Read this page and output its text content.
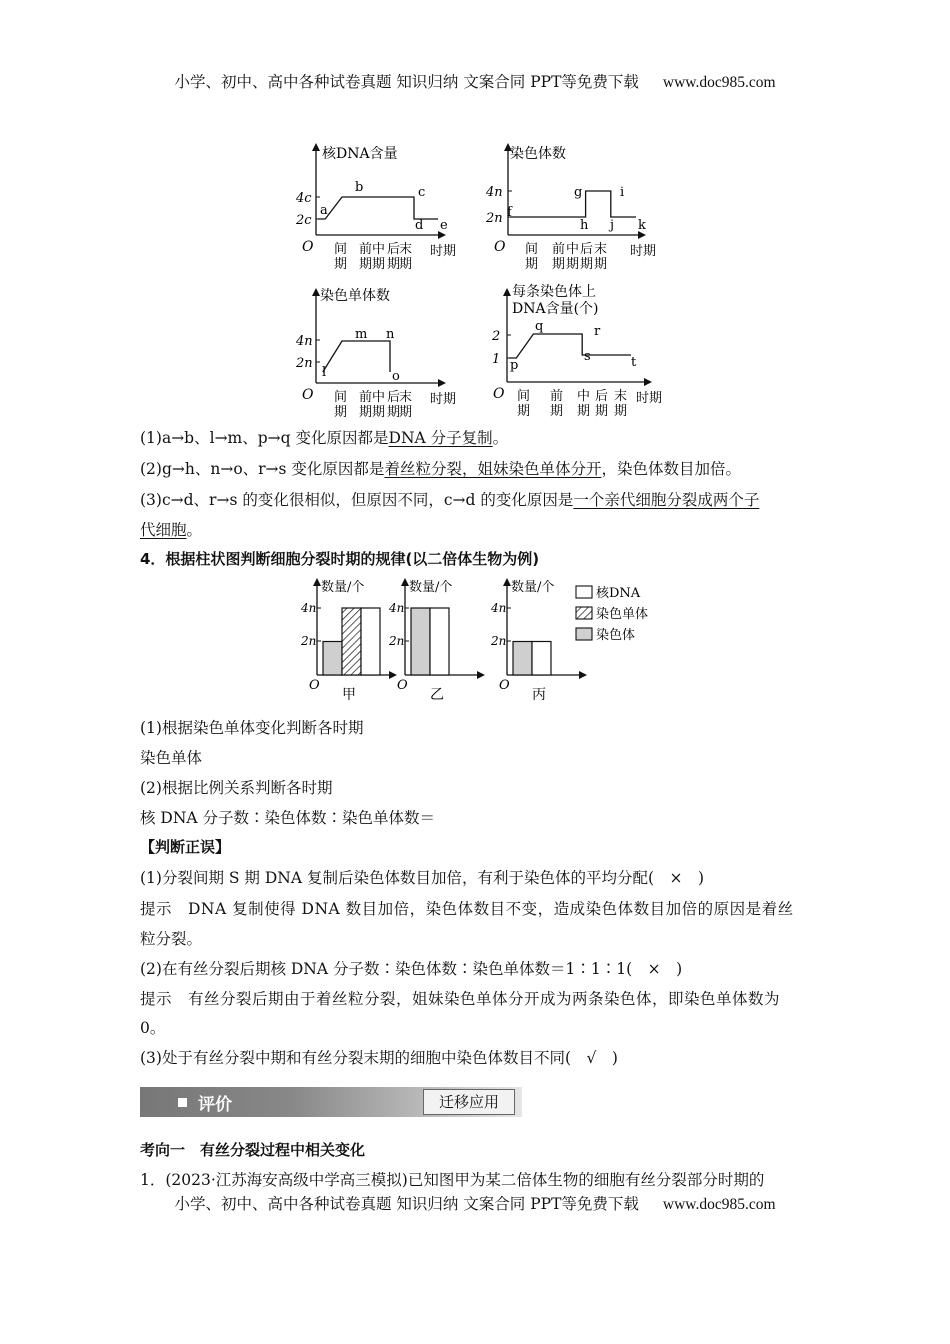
小学、初中、高中各种试卷真题 知识归纳 文案合同 PPT等免费下载 www.doc985.com
O
核DNA含量
2c
4c
间
期
前
期
中
期
后
期
末
期
时期
a
b	c
d e
O
染色体数
2n
4n
间
期
前
期
中
期
后
期
末
期
时期
f
g
h
i
j k
O
染色单体数
2n
4n
间
期
前
期
中
期
后
期
末
期
时期
l
m n
o
O
每条染色体上
DNA含量(个)
2
1
间
期
前
期
中
期
后
期
末
期
时期
p
q	r
s	t
数量/个
4n
2n
O
甲
数量/个
4n
2n
O
乙
数量/个
4n
2n
O
丙
核DNA
染色单体
染色体
(1)a→b、l→m、p→q 变化原因都是DNA 分子复制。
(2)g→h、n→o、r→s 变化原因都是着丝粒分裂，姐妹染色单体分开，染色体数目加倍。
(3)c→d、r→s 的变化很相似，但原因不同，c→d 的变化原因是一个亲代细胞分裂成两个子
代细胞。
4．根据柱状图判断细胞分裂时期的规律(以二倍体生物为例)
(1)根据染色单体变化判断各时期
染色单体
(2)根据比例关系判断各时期
核 DNA 分子数∶染色体数∶染色单体数＝
【判断正误】
(1)分裂间期 S 期 DNA 复制后染色体数目加倍，有利于染色体的平均分配(　×　)
提示　DNA 复制使得 DNA 数目加倍，染色体数目不变，造成染色体数目加倍的原因是着丝
粒分裂。
(2)在有丝分裂后期核 DNA 分子数∶染色体数∶染色单体数＝1∶1∶1(　×　)
提示　有丝分裂后期由于着丝粒分裂，姐妹染色单体分开成为两条染色体，即染色单体数为
0。
(3)处于有丝分裂中期和有丝分裂末期的细胞中染色体数目不同(　√　)
评价	迁移应用
考向一　有丝分裂过程中相关变化
1．(2023·江苏海安高级中学高三模拟)已知图甲为某二倍体生物的细胞有丝分裂部分时期的
小学、初中、高中各种试卷真题 知识归纳 文案合同 PPT等免费下载 www.doc985.com
